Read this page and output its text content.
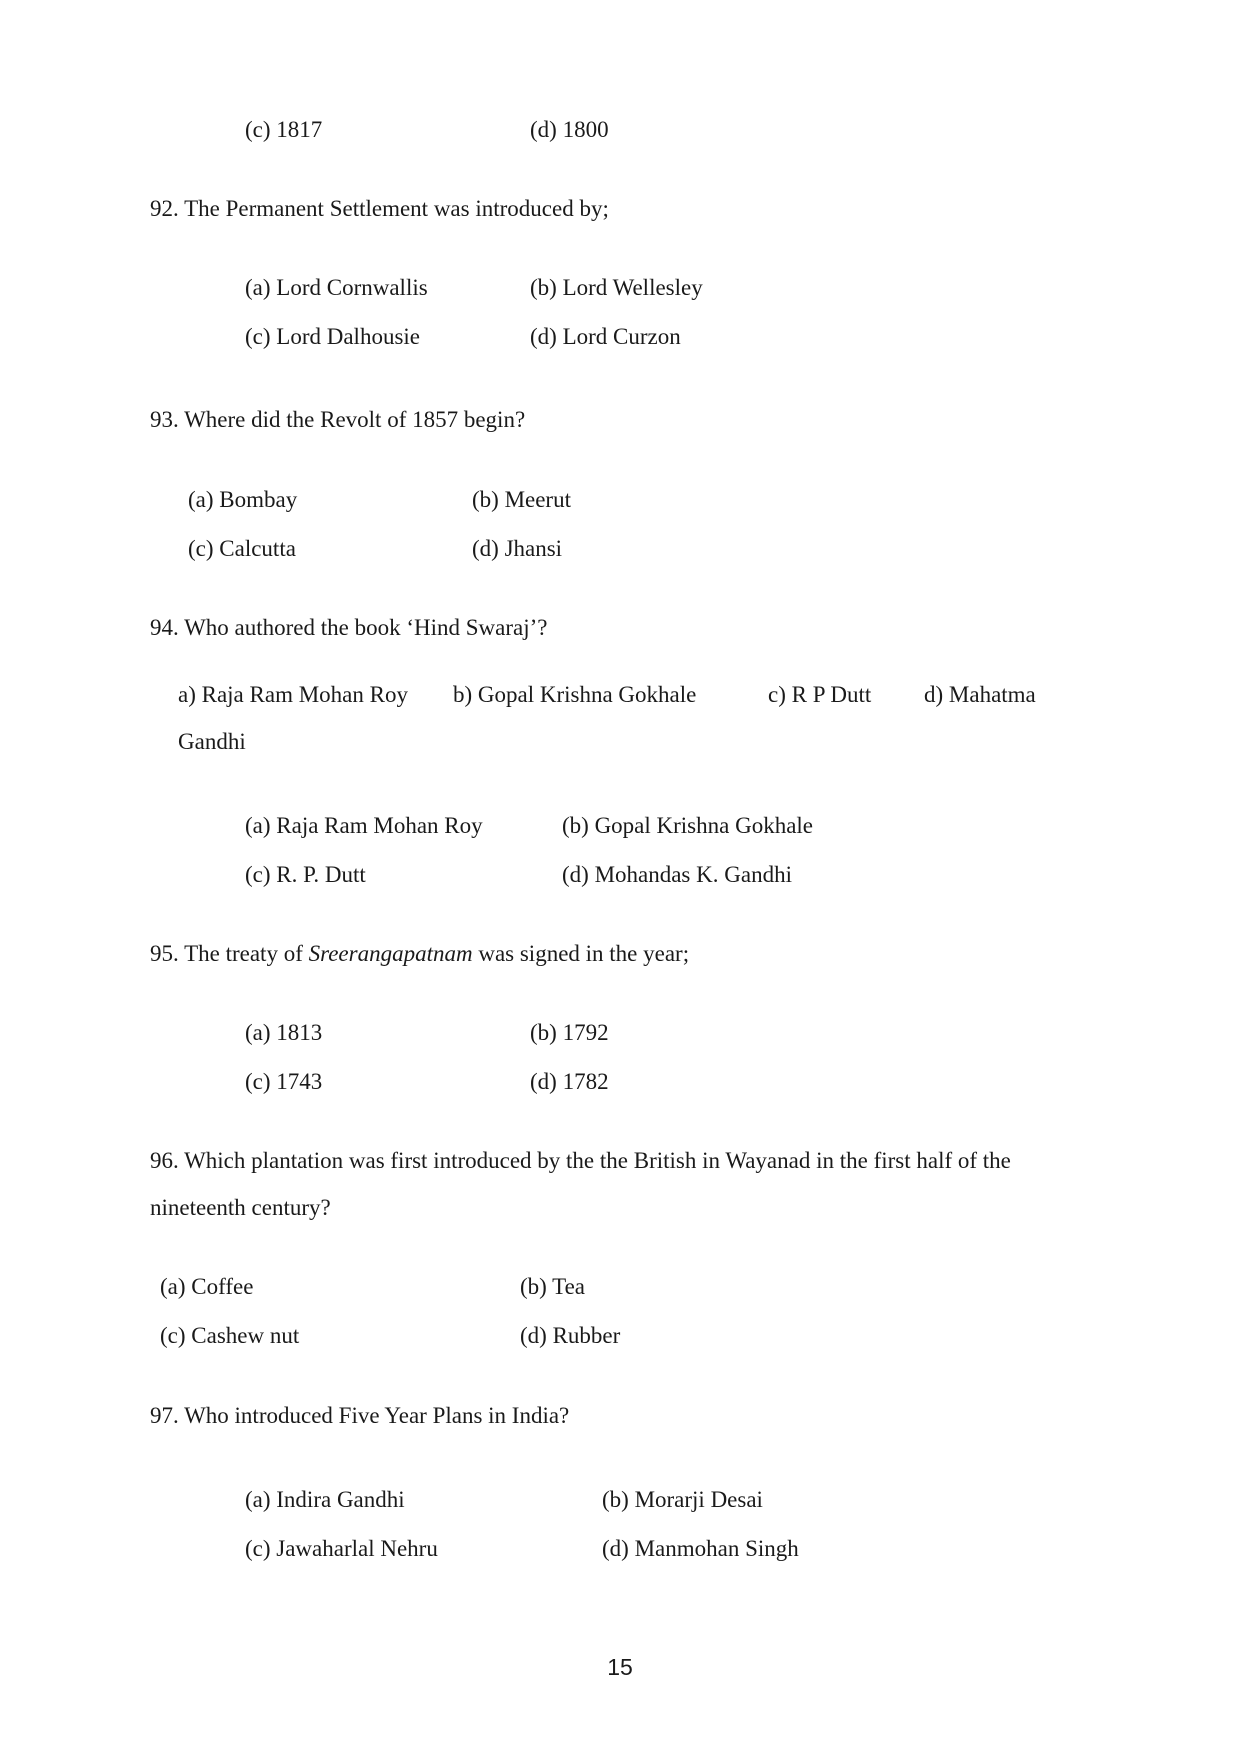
(c) 1817	(d) 1800
92. The Permanent Settlement was introduced by;
(a) Lord Cornwallis	(b) Lord Wellesley
(c) Lord Dalhousie	(d) Lord Curzon
93. Where did the Revolt of 1857 begin?
(a) Bombay	(b) Meerut
(c) Calcutta	(d) Jhansi
94. Who authored the book ‘Hind Swaraj’?
a) Raja Ram Mohan Roy b) Gopal Krishna Gokhale	c) R P Dutt d) Mahatma
Gandhi
(a) Raja Ram Mohan Roy	(b) Gopal Krishna Gokhale
(c) R. P. Dutt	(d) Mohandas K. Gandhi
95. The treaty of Sreerangapatnam was signed in the year;
(a) 1813	(b) 1792
(c) 1743	(d) 1782
96. Which plantation was first introduced by the the British in Wayanad in the first half of the
nineteenth century?
(a) Coffee	(b) Tea
(c) Cashew nut	(d) Rubber
97. Who introduced Five Year Plans in India?
(a) Indira Gandhi	(b) Morarji Desai
(c) Jawaharlal Nehru	(d) Manmohan Singh
15
